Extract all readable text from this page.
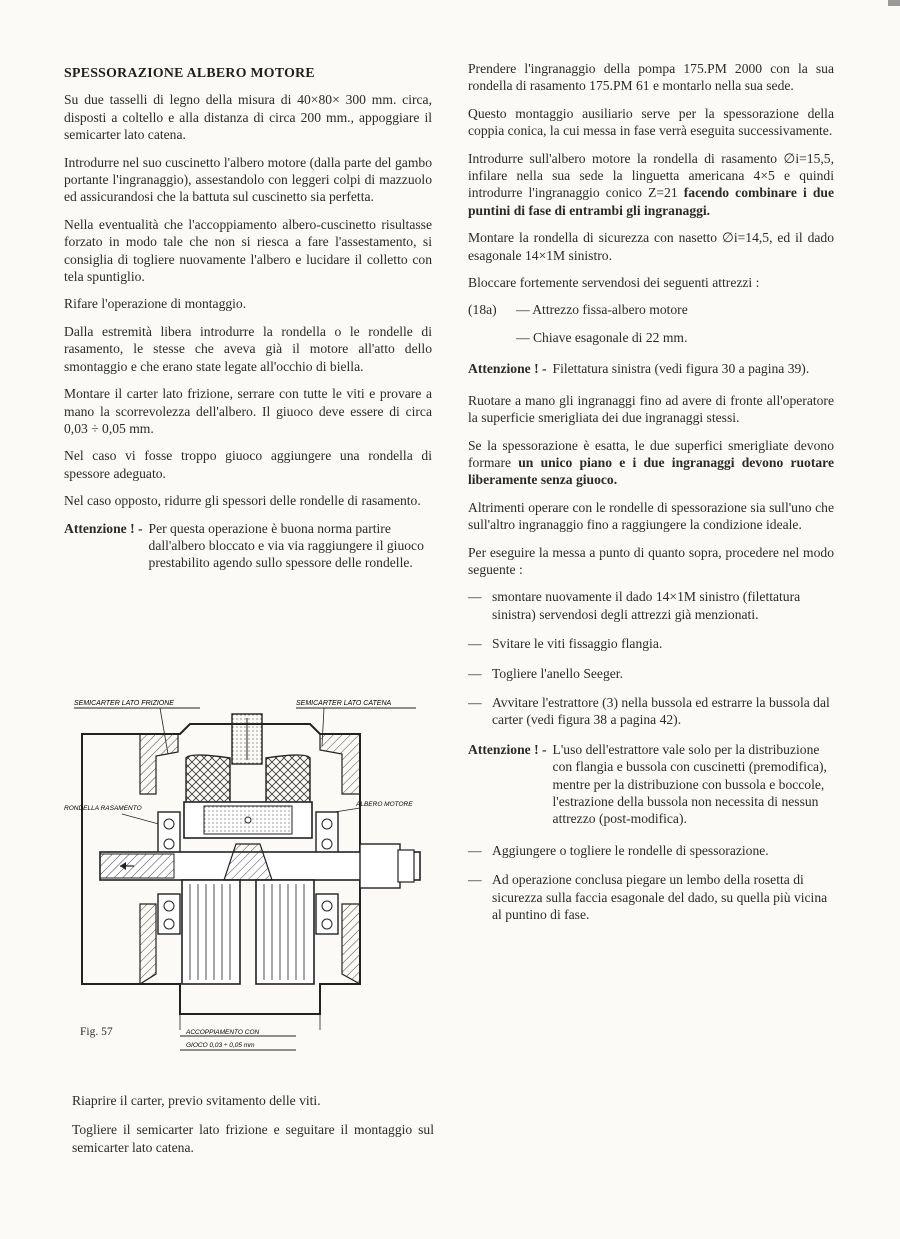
SPESSORAZIONE ALBERO MOTORE

Su due tasselli di legno della misura di 40×80× 300 mm. circa, disposti a coltello e alla distanza di circa 200 mm., appoggiare il semicarter lato catena.

Introdurre nel suo cuscinetto l'albero motore (dalla parte del gambo portante l'ingranaggio), assestandolo con leggeri colpi di mazzuolo ed assicurandosi che la battuta sul cuscinetto sia perfetta.

Nella eventualità che l'accoppiamento albero-cuscinetto risultasse forzato in modo tale che non si riesca a fare l'assestamento, si consiglia di togliere nuovamente l'albero e lucidare il colletto con tela spuntiglio.

Rifare l'operazione di montaggio.

Dalla estremità libera introdurre la rondella o le rondelle di rasamento, le stesse che aveva già il motore all'atto dello smontaggio e che erano state legate all'occhio di biella.

Montare il carter lato frizione, serrare con tutte le viti e provare a mano la scorrevolezza dell'albero. Il giuoco deve essere di circa 0,03 ÷ 0,05 mm.

Nel caso vi fosse troppo giuoco aggiungere una rondella di spessore adeguato.

Nel caso opposto, ridurre gli spessori delle rondelle di rasamento.

Attenzione ! - Per questa operazione è buona norma partire dall'albero bloccato e via via raggiungere il giuoco prestabilito agendo sullo spessore delle rondelle.
SEMICARTER LATO FRIZIONE	SEMICARTER LATO CATENA
RONDELLA RASAMENTO
ALBERO MOTORE
ACCOPPIAMENTO CON
GIOCO 0,03 ÷ 0,05 mm
Fig. 57

Riaprire il carter, previo svitamento delle viti.

Togliere il semicarter lato frizione e seguitare il montaggio sul semicarter lato catena.

Prendere l'ingranaggio della pompa 175.PM 2000 con la sua rondella di rasamento 175.PM 61 e montarlo nella sua sede.

Questo montaggio ausiliario serve per la spessorazione della coppia conica, la cui messa in fase verrà eseguita successivamente.

Introdurre sull'albero motore la rondella di rasamento ∅i=15,5, infilare nella sua sede la linguetta americana 4×5 e quindi introdurre l'ingranaggio conico Z=21 facendo combinare i due puntini di fase di entrambi gli ingranaggi.

Montare la rondella di sicurezza con nasetto ∅i=14,5, ed il dado esagonale 14×1M sinistro.

Bloccare fortemente servendosi dei seguenti attrezzi :

(18a)	— Attrezzo fissa-albero motore
— Chiave esagonale di 22 mm.
Attenzione ! - Filettatura sinistra (vedi figura 30 a pagina 39).

Ruotare a mano gli ingranaggi fino ad avere di fronte all'operatore la superficie smerigliata dei due ingranaggi stessi.

Se la spessorazione è esatta, le due superfici smerigliate devono formare un unico piano e i due ingranaggi devono ruotare liberamente senza giuoco.

Altrimenti operare con le rondelle di spessorazione sia sull'uno che sull'altro ingranaggio fino a raggiungere la condizione ideale.

Per eseguire la messa a punto di quanto sopra, procedere nel modo seguente :

— smontare nuovamente il dado 14×1M sinistro (filettatura sinistra) servendosi degli attrezzi già menzionati.
— Svitare le viti fissaggio flangia.
— Togliere l'anello Seeger.
— Avvitare l'estrattore (3) nella bussola ed estrarre la bussola dal carter (vedi figura 38 a pagina 42).
Attenzione ! - L'uso dell'estrattore vale solo per la distribuzione con flangia e bussola con cuscinetti (premodifica), mentre per la distribuzione con bussola e boccole, l'estrazione della bussola non necessita di nessun attrezzo (post-modifica).
— Aggiungere o togliere le rondelle di spessorazione.
— Ad operazione conclusa piegare un lembo della rosetta di sicurezza sulla faccia esagonale del dado, su quella più vicina al puntino di fase.
